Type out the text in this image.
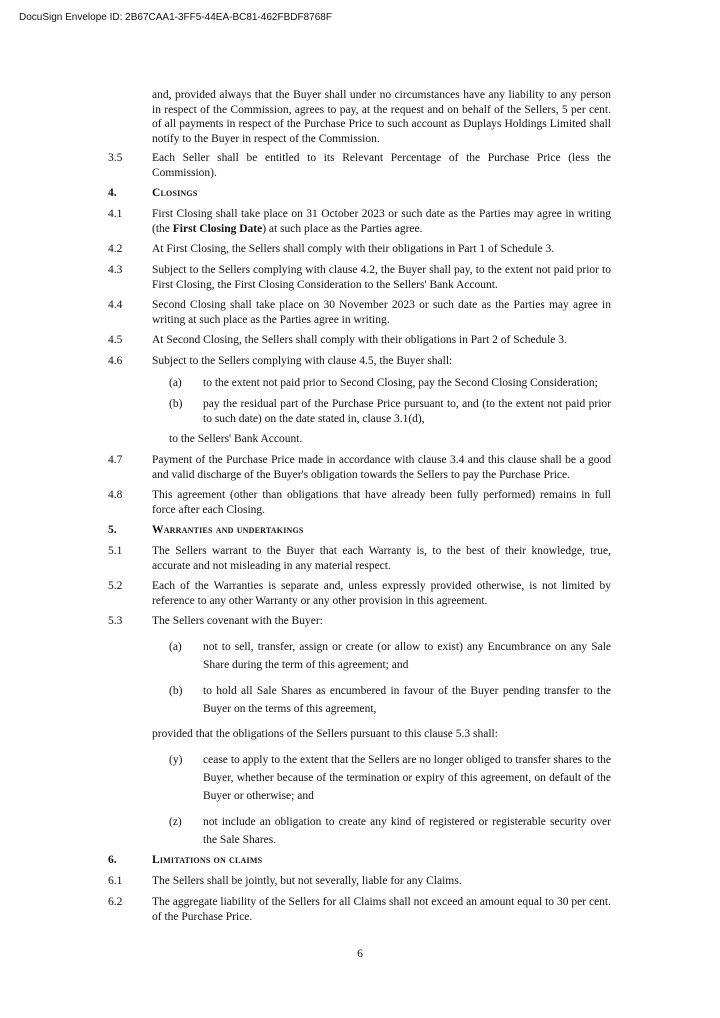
DocuSign Envelope ID: 2B67CAA1-3FF5-44EA-BC81-462FBDF8768F

and, provided always that the Buyer shall under no circumstances have any liability to any person in respect of the Commission, agrees to pay, at the request and on behalf of the Sellers, 5 per cent. of all payments in respect of the Purchase Price to such account as Duplays Holdings Limited shall notify to the Buyer in respect of the Commission.
3.5	Each Seller shall be entitled to its Relevant Percentage of the Purchase Price (less the Commission).
4.	Closings
4.1	First Closing shall take place on 31 October 2023 or such date as the Parties may agree in writing (the First Closing Date) at such place as the Parties agree.
4.2	At First Closing, the Sellers shall comply with their obligations in Part 1 of Schedule 3.
4.3	Subject to the Sellers complying with clause 4.2, the Buyer shall pay, to the extent not paid prior to First Closing, the First Closing Consideration to the Sellers' Bank Account.
4.4	Second Closing shall take place on 30 November 2023 or such date as the Parties may agree in writing at such place as the Parties agree in writing.
4.5	At Second Closing, the Sellers shall comply with their obligations in Part 2 of Schedule 3.
4.6	Subject to the Sellers complying with clause 4.5, the Buyer shall:
(a) to the extent not paid prior to Second Closing, pay the Second Closing Consideration;
(b) pay the residual part of the Purchase Price pursuant to, and (to the extent not paid prior to such date) on the date stated in, clause 3.1(d),
to the Sellers' Bank Account.
4.7	Payment of the Purchase Price made in accordance with clause 3.4 and this clause shall be a good and valid discharge of the Buyer's obligation towards the Sellers to pay the Purchase Price.
4.8	This agreement (other than obligations that have already been fully performed) remains in full force after each Closing.
5.	Warranties and undertakings
5.1	The Sellers warrant to the Buyer that each Warranty is, to the best of their knowledge, true, accurate and not misleading in any material respect.
5.2	Each of the Warranties is separate and, unless expressly provided otherwise, is not limited by reference to any other Warranty or any other provision in this agreement.
5.3	The Sellers covenant with the Buyer:
(a) not to sell, transfer, assign or create (or allow to exist) any Encumbrance on any Sale Share during the term of this agreement; and
(b) to hold all Sale Shares as encumbered in favour of the Buyer pending transfer to the Buyer on the terms of this agreement,
provided that the obligations of the Sellers pursuant to this clause 5.3 shall:
(y) cease to apply to the extent that the Sellers are no longer obliged to transfer shares to the Buyer, whether because of the termination or expiry of this agreement, on default of the Buyer or otherwise; and
(z) not include an obligation to create any kind of registered or registerable security over the Sale Shares.
6.	Limitations on claims
6.1	The Sellers shall be jointly, but not severally, liable for any Claims.
6.2	The aggregate liability of the Sellers for all Claims shall not exceed an amount equal to 30 per cent. of the Purchase Price.
6
